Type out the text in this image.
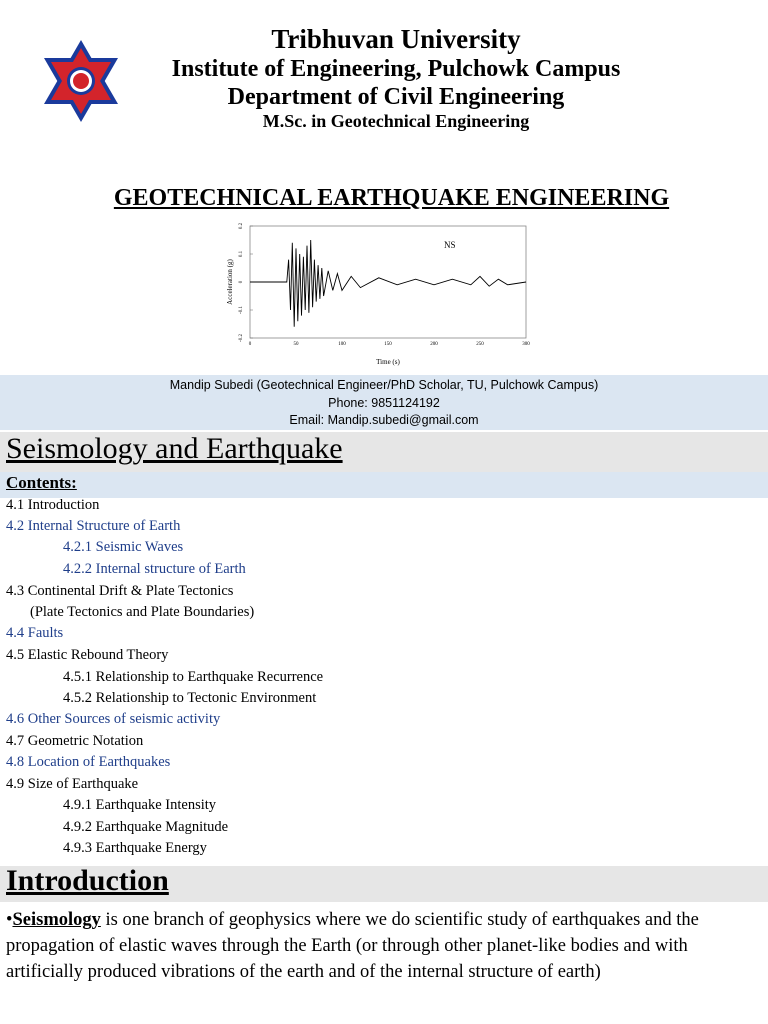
Tribhuvan University
Institute of Engineering, Pulchowk Campus
Department of Civil Engineering
M.Sc. in Geotechnical Engineering
GEOTECHNICAL EARTHQUAKE ENGINEERING
0	50	100	150	200	250	300
-0.2
-0.1
0
0.1
0.2
NS
Time (s)
Acceleration (g)
Mandip Subedi (Geotechnical Engineer/PhD Scholar, TU, Pulchowk Campus)
Phone: 9851124192
Email: Mandip.subedi@gmail.com
Seismology and Earthquake
Contents:
4.1 Introduction
4.2 Internal Structure of Earth
4.2.1 Seismic Waves
4.2.2 Internal structure of Earth
4.3 Continental Drift & Plate Tectonics
(Plate Tectonics and Plate Boundaries)
4.4 Faults
4.5 Elastic Rebound Theory
4.5.1 Relationship to Earthquake Recurrence
4.5.2 Relationship to Tectonic Environment
4.6 Other Sources of seismic activity
4.7 Geometric Notation
4.8 Location of Earthquakes
4.9 Size of Earthquake
4.9.1 Earthquake Intensity
4.9.2 Earthquake Magnitude
4.9.3 Earthquake Energy
Introduction
•Seismology is one branch of geophysics where we do scientific study of earthquakes and the propagation of elastic waves through the Earth (or through other planet-like bodies and with artificially produced vibrations of the earth and of the internal structure of earth)
